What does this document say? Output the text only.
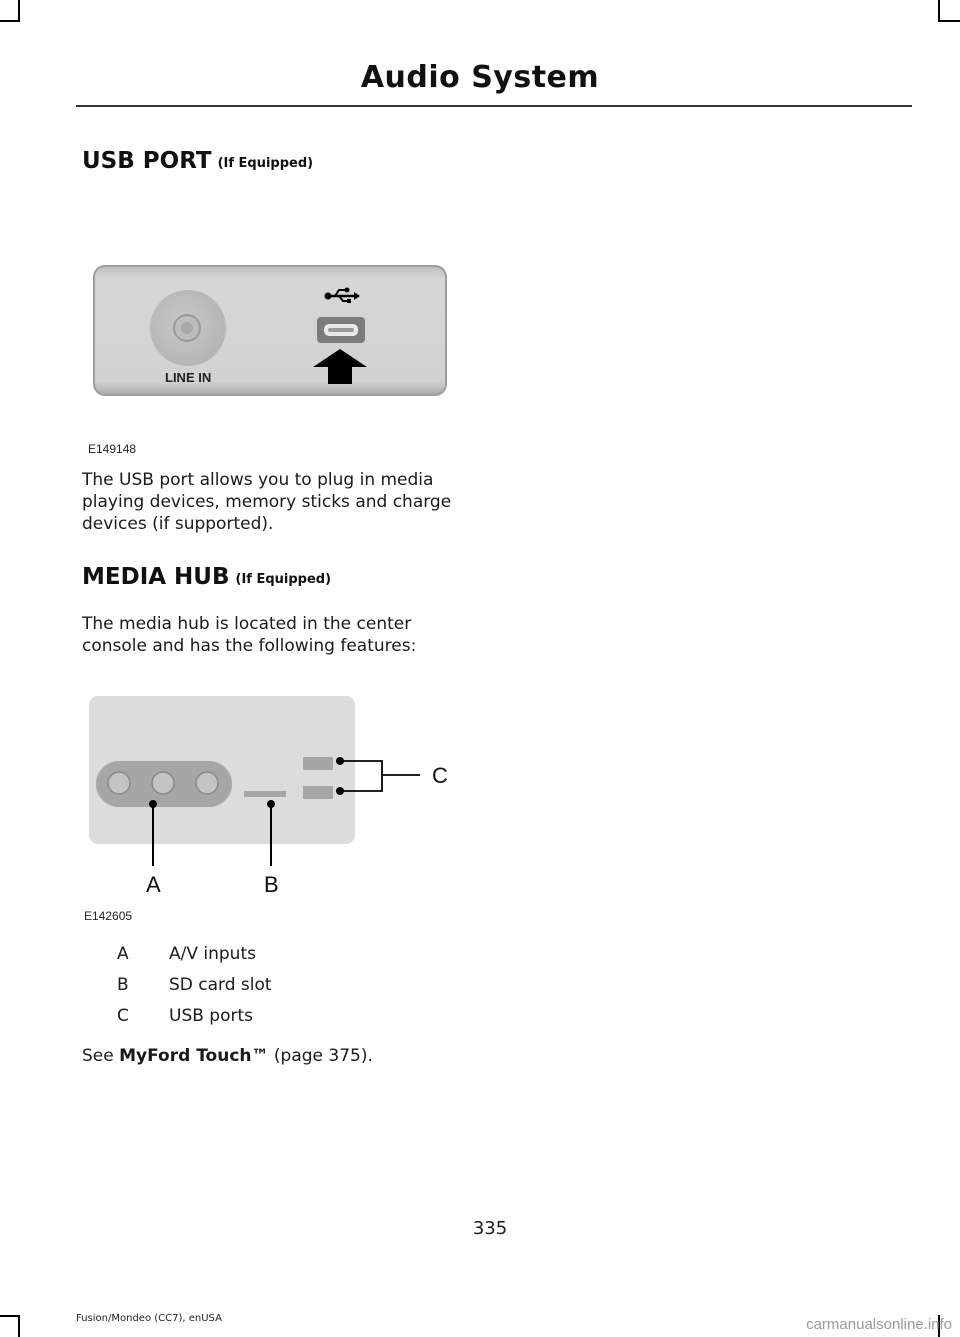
Audio System
USB PORT (If Equipped)
LINE IN
E149148

The USB port allows you to plug in media playing devices, memory sticks and charge devices (if supported).

MEDIA HUB (If Equipped)

The media hub is located in the center console and has the following features:

A	B
C
E142605
A A/V inputs
B SD card slot
C USB ports
See MyFord Touch™ (page 375).
335
Fusion/Mondeo (CC7), enUSA	carmanualsonline.info
